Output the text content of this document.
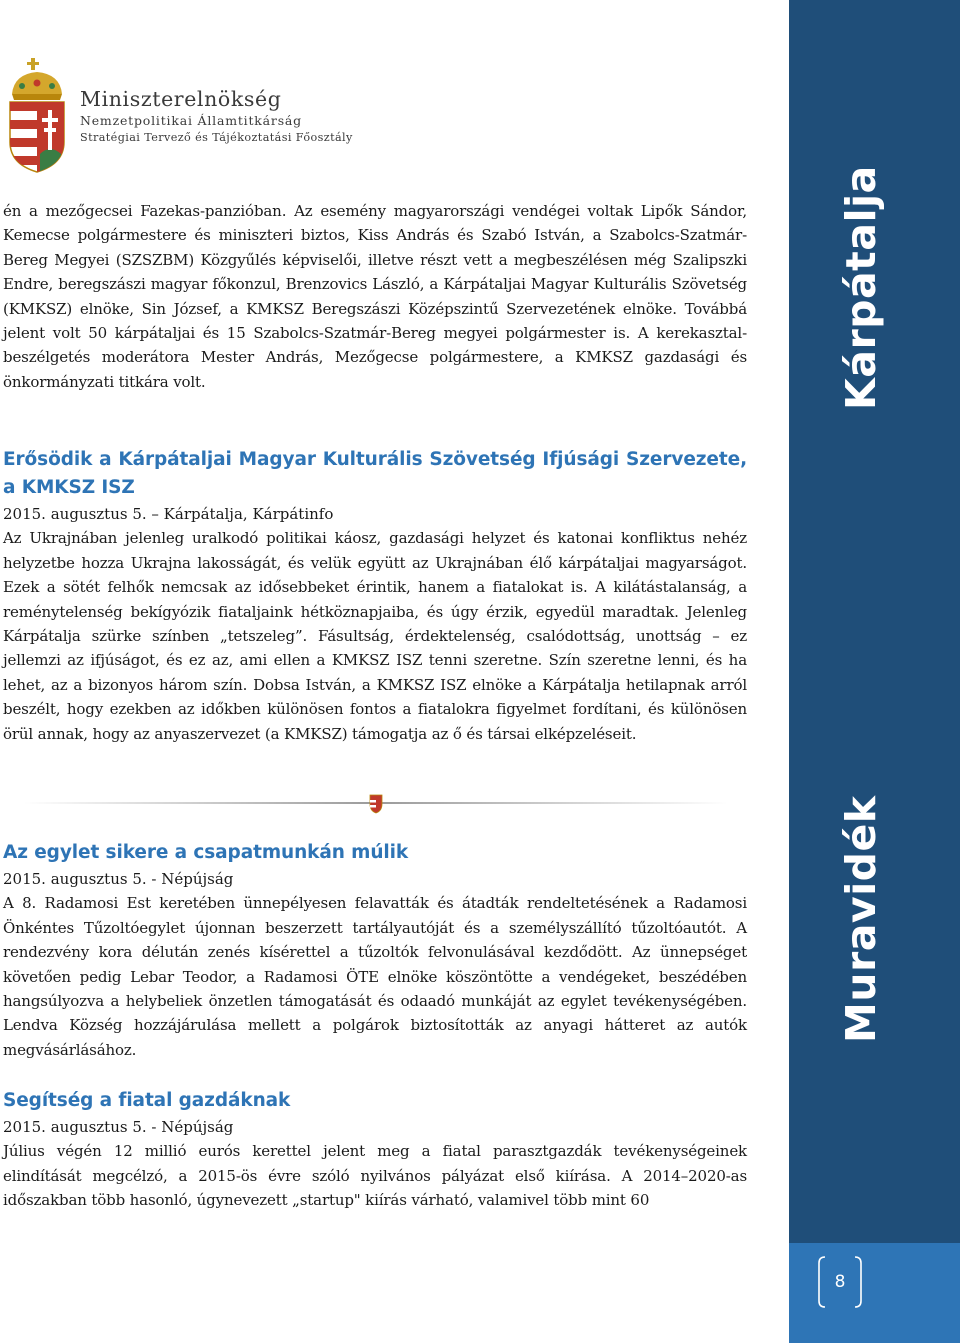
Miniszterelnökség
Nemzetpolitikai Államtitkárság
Stratégiai Tervező és Tájékoztatási Főosztály

én a mezőgecsei Fazekas-panzióban. Az esemény magyarországi vendégei voltak Lipők Sándor, Kemecse polgármestere és miniszteri biztos, Kiss András és Szabó István, a Szabolcs-Szatmár-Bereg Megyei (SZSZBM) Közgyűlés képviselői, illetve részt vett a megbeszélésen még Szalipszki Endre, beregszászi magyar főkonzul, Brenzovics László, a Kárpátaljai Magyar Kulturális Szövetség (KMKSZ) elnöke, Sin József, a KMKSZ Beregszászi Középszintű Szervezetének elnöke. Továbbá jelent volt 50 kárpátaljai és 15 Szabolcs-Szatmár-Bereg megyei polgármester is. A kerekasztal-beszélgetés moderátora Mester András, Mezőgecse polgármestere, a KMKSZ gazdasági és önkormányzati titkára volt.

Erősödik a Kárpátaljai Magyar Kulturális Szövetség Ifjúsági Szervezete, a KMKSZ ISZ

2015. augusztus 5. – Kárpátalja, Kárpátinfo

Az Ukrajnában jelenleg uralkodó politikai káosz, gazdasági helyzet és katonai konfliktus nehéz helyzetbe hozza Ukrajna lakosságát, és velük együtt az Ukrajnában élő kárpátaljai magyarságot. Ezek a sötét felhők nemcsak az idősebbeket érintik, hanem a fiatalokat is. A kilátástalanság, a reménytelenség bekígyózik fiataljaink hétköznapjaiba, és úgy érzik, egyedül maradtak. Jelenleg Kárpátalja szürke színben „tetszeleg”. Fásultság, érdektelenség, csalódottság, unottság – ez jellemzi az ifjúságot, és ez az, ami ellen a KMKSZ ISZ tenni szeretne. Szín szeretne lenni, és ha lehet, az a bizonyos három szín. Dobsa István, a KMKSZ ISZ elnöke a Kárpátalja hetilapnak arról beszélt, hogy ezekben az időkben különösen fontos a fiatalokra figyelmet fordítani, és különösen örül annak, hogy az anyaszervezet (a KMKSZ) támogatja az ő és társai elképzeléseit.

Az egylet sikere a csapatmunkán múlik

2015. augusztus 5. - Népújság

A 8. Radamosi Est keretében ünnepélyesen felavatták és átadták rendeltetésének a Radamosi Önkéntes Tűzoltóegylet újonnan beszerzett tartályautóját és a személyszállító tűzoltóautót. A rendezvény kora délután zenés kísérettel a tűzoltók felvonulásával kezdődött. Az ünnepséget követően pedig Lebar Teodor, a Radamosi ÖTE elnöke köszöntötte a vendégeket, beszédében hangsúlyozva a helybeliek önzetlen támogatását és odaadó munkáját az egylet tevékenységében. Lendva Község hozzájárulása mellett a polgárok biztosították az anyagi hátteret az autók megvásárlásához.

Segítség a fiatal gazdáknak

2015. augusztus 5. - Népújság

Július végén 12 millió eurós kerettel jelent meg a fiatal parasztgazdák tevékenységeinek elindítását megcélzó, a 2015-ös évre szóló nyilvános pályázat első kiírása. A 2014–2020-as időszakban több hasonló, úgynevezett „startup" kiírás várható, valamivel több mint 60

Kárpátalja
Muravidék
8
